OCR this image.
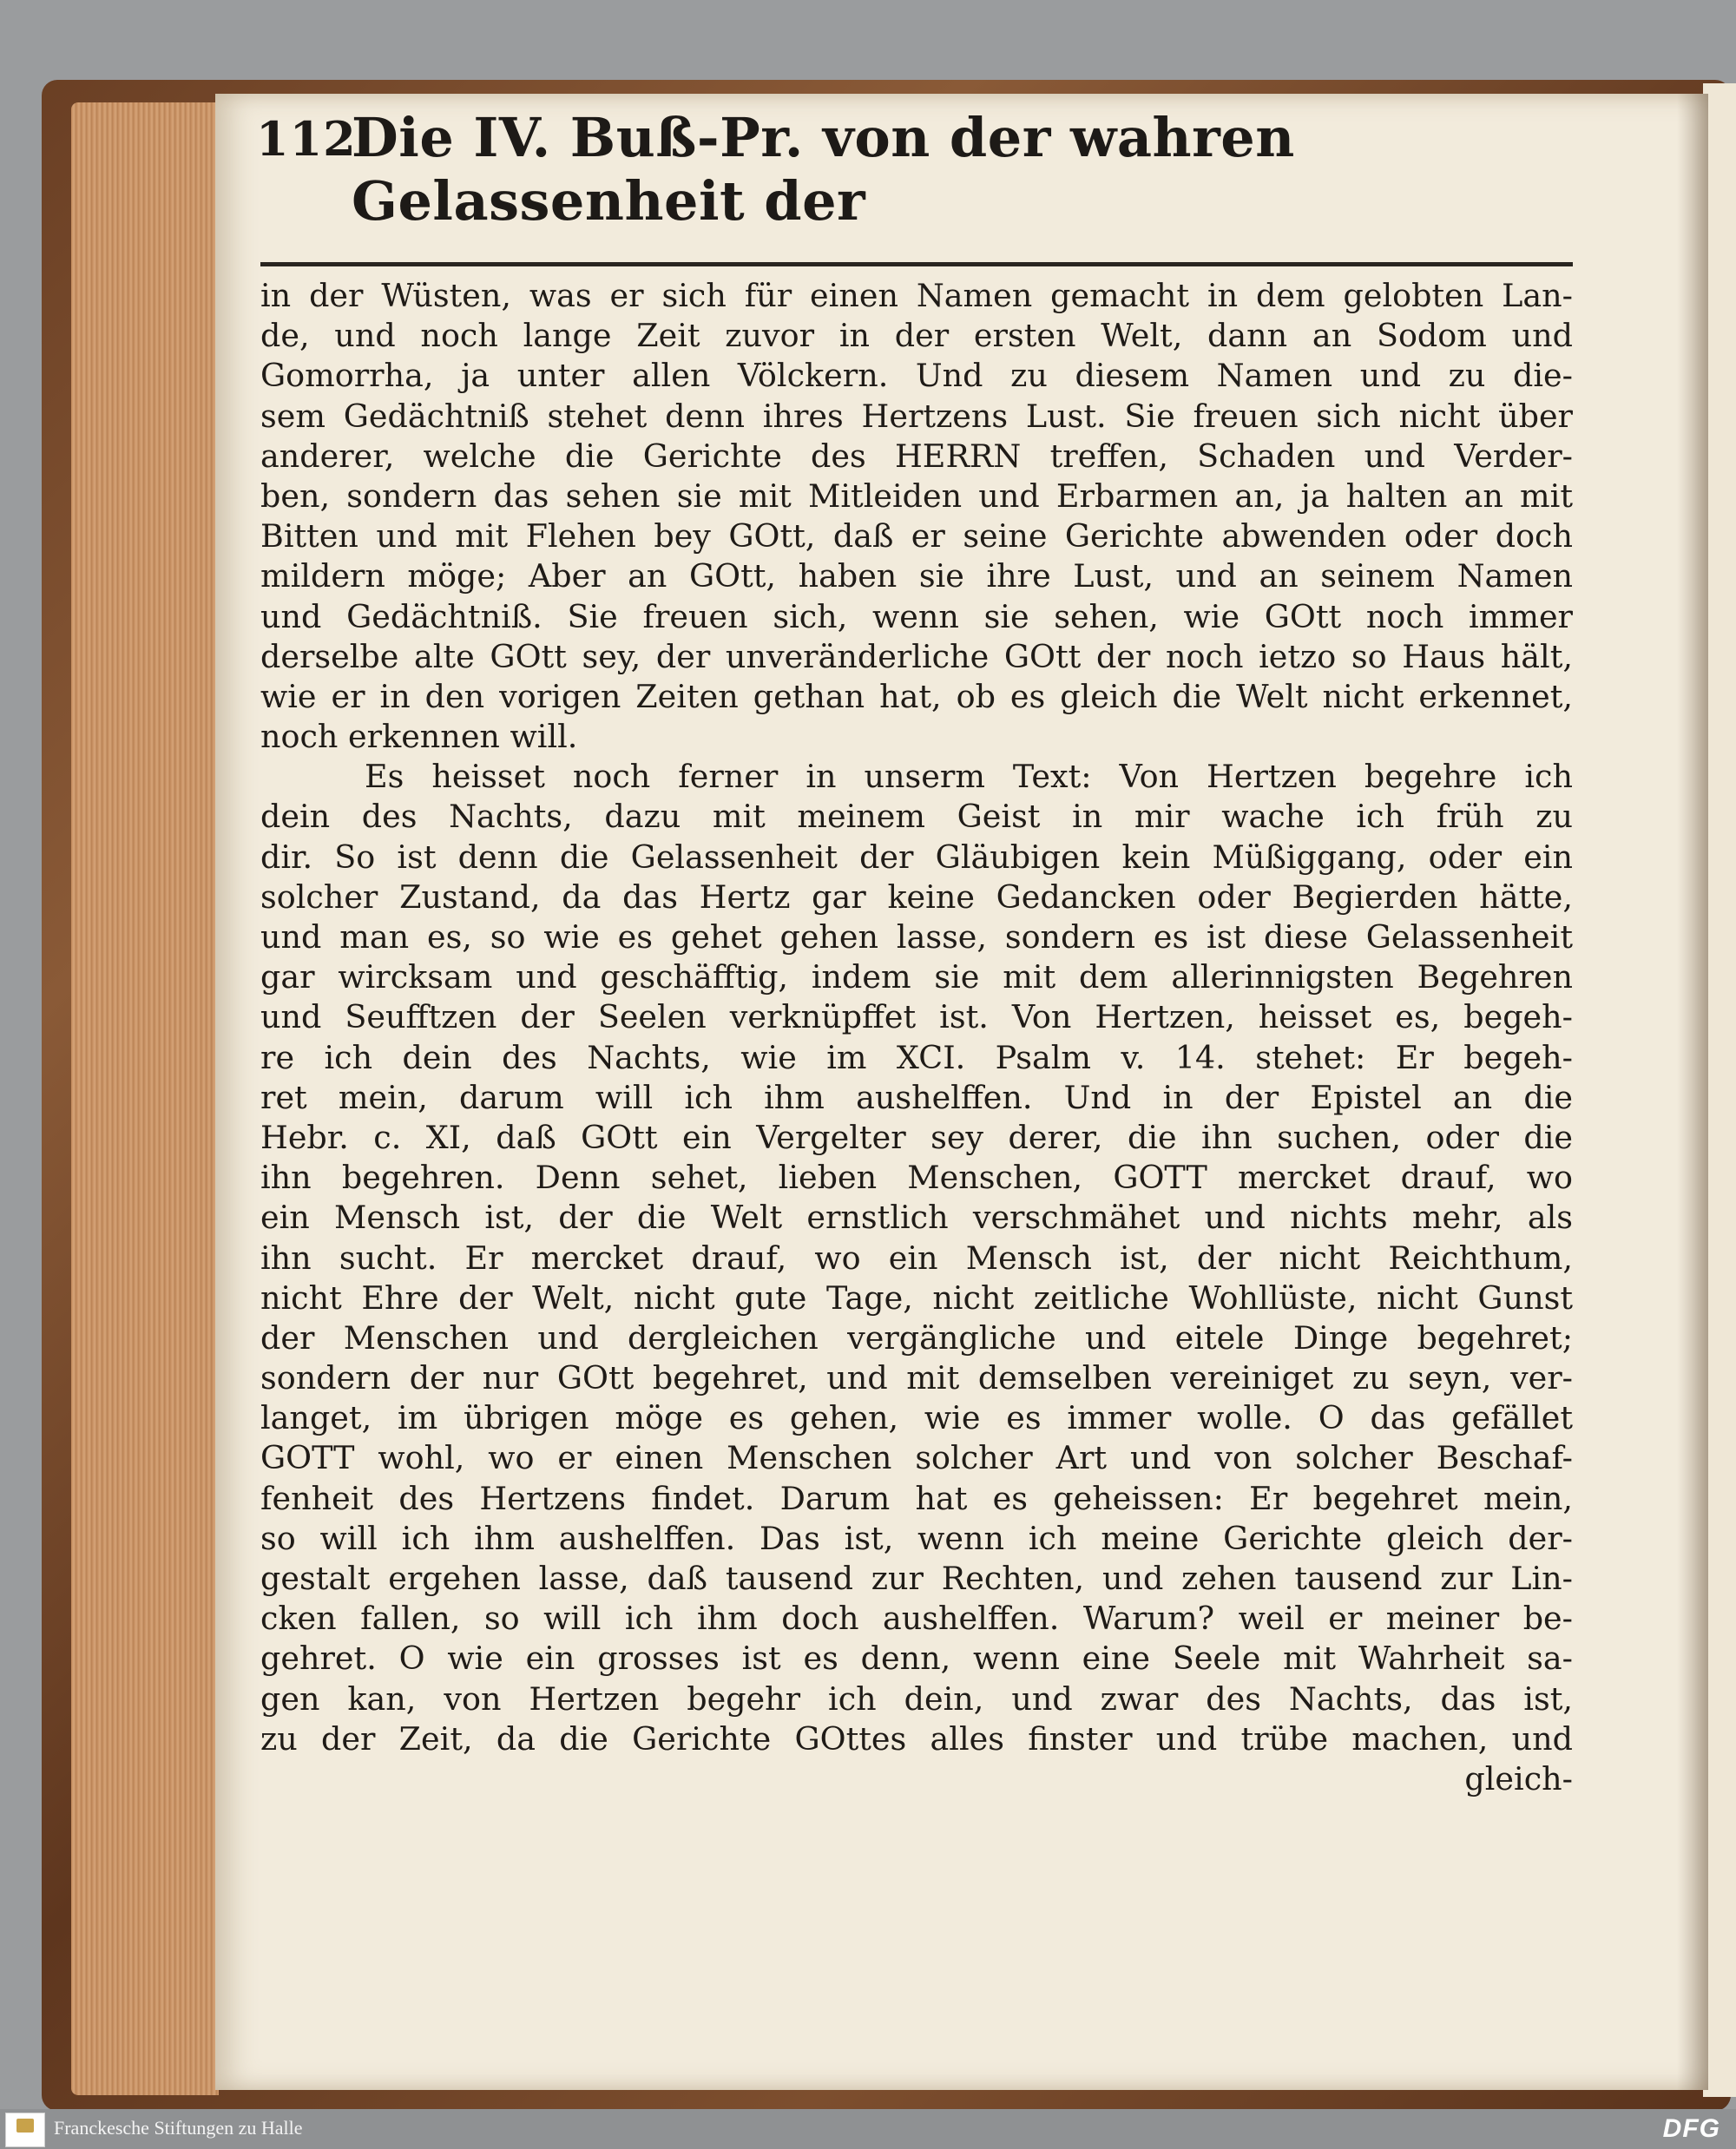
112
Die IV. Buß-Pr. von der wahren Gelassenheit der
in der Wüsten, was er sich für einen Namen gemacht in dem gelobten Lan-
de, und noch lange Zeit zuvor in der ersten Welt, dann an Sodom und
Gomorrha, ja unter allen Völckern. Und zu diesem Namen und zu die-
sem Gedächtniß stehet denn ihres Hertzens Lust. Sie freuen sich nicht über
anderer, welche die Gerichte des HERRN treffen, Schaden und Verder-
ben, sondern das sehen sie mit Mitleiden und Erbarmen an, ja halten an mit
Bitten und mit Flehen bey GOtt, daß er seine Gerichte abwenden oder doch
mildern möge; Aber an GOtt, haben sie ihre Lust, und an seinem Namen
und Gedächtniß. Sie freuen sich, wenn sie sehen, wie GOtt noch immer
derselbe alte GOtt sey, der unveränderliche GOtt der noch ietzo so Haus hält,
wie er in den vorigen Zeiten gethan hat, ob es gleich die Welt nicht erkennet,
noch erkennen will.
Es heisset noch ferner in unserm Text: Von Hertzen begehre ich
dein des Nachts, dazu mit meinem Geist in mir wache ich früh zu
dir. So ist denn die Gelassenheit der Gläubigen kein Müßiggang, oder ein
solcher Zustand, da das Hertz gar keine Gedancken oder Begierden hätte,
und man es, so wie es gehet gehen lasse, sondern es ist diese Gelassenheit
gar wircksam und geschäfftig, indem sie mit dem allerinnigsten Begehren
und Seufftzen der Seelen verknüpffet ist. Von Hertzen, heisset es, begeh-
re ich dein des Nachts, wie im XCI. Psalm v. 14. stehet: Er begeh-
ret mein, darum will ich ihm aushelffen. Und in der Epistel an die
Hebr. c. XI, daß GOtt ein Vergelter sey derer, die ihn suchen, oder die
ihn begehren. Denn sehet, lieben Menschen, GOTT mercket drauf, wo
ein Mensch ist, der die Welt ernstlich verschmähet und nichts mehr, als
ihn sucht. Er mercket drauf, wo ein Mensch ist, der nicht Reichthum,
nicht Ehre der Welt, nicht gute Tage, nicht zeitliche Wohllüste, nicht Gunst
der Menschen und dergleichen vergängliche und eitele Dinge begehret;
sondern der nur GOtt begehret, und mit demselben vereiniget zu seyn, ver-
langet, im übrigen möge es gehen, wie es immer wolle. O das gefället
GOTT wohl, wo er einen Menschen solcher Art und von solcher Beschaf-
fenheit des Hertzens findet. Darum hat es geheissen: Er begehret mein,
so will ich ihm aushelffen. Das ist, wenn ich meine Gerichte gleich der-
gestalt ergehen lasse, daß tausend zur Rechten, und zehen tausend zur Lin-
cken fallen, so will ich ihm doch aushelffen. Warum? weil er meiner be-
gehret. O wie ein grosses ist es denn, wenn eine Seele mit Wahrheit sa-
gen kan, von Hertzen begehr ich dein, und zwar des Nachts, das ist,
zu der Zeit, da die Gerichte GOttes alles finster und trübe machen, und
gleich-
Franckesche Stiftungen zu Halle	DFG
